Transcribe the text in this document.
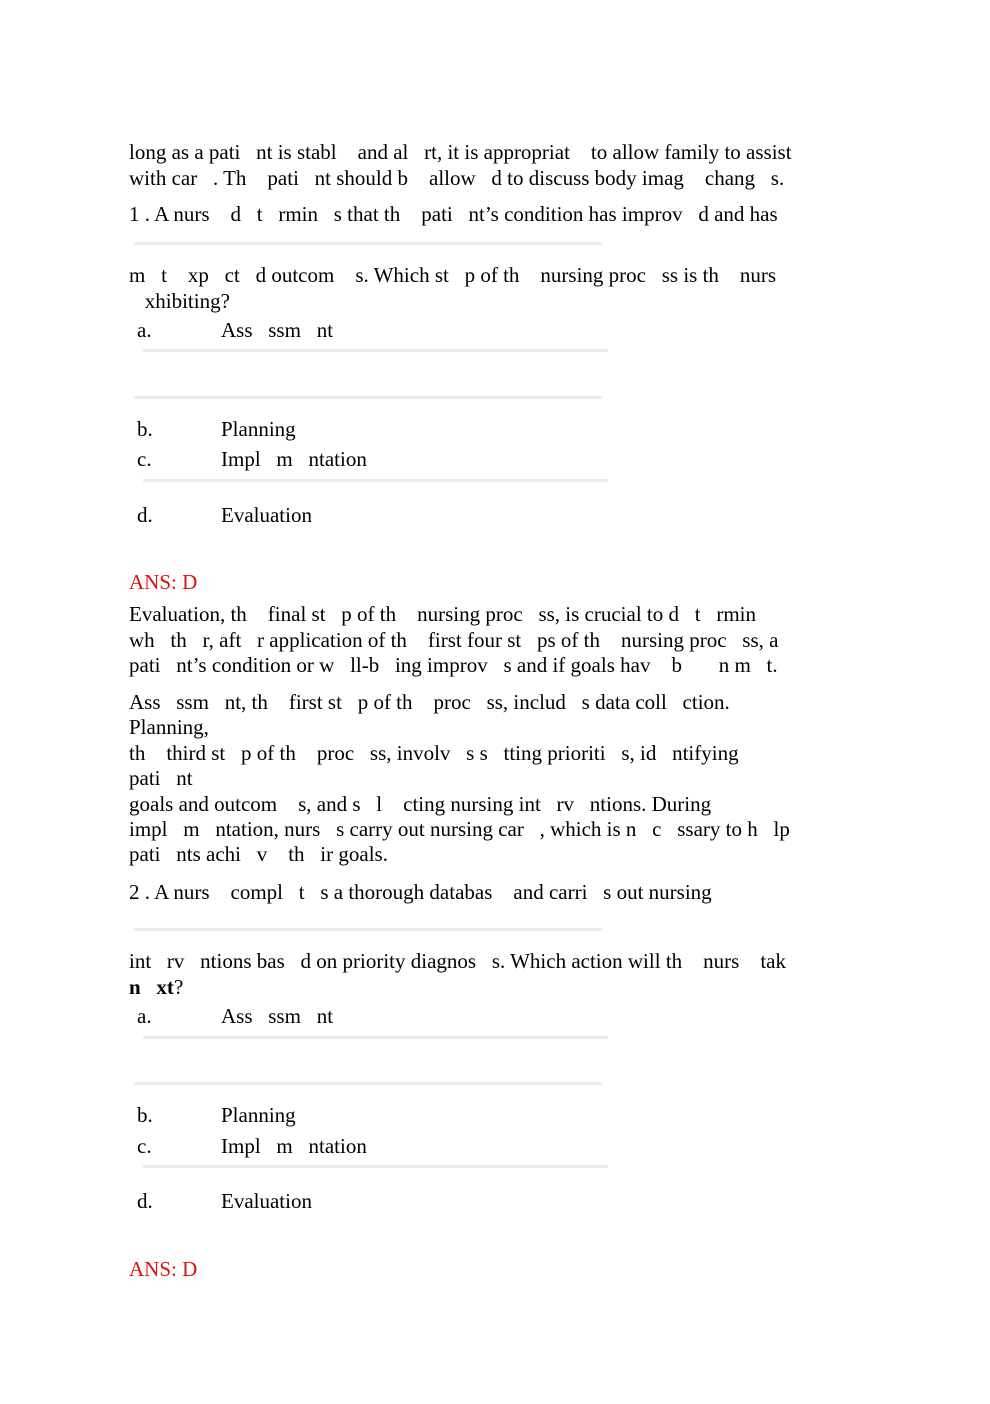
long as a pati   nt is stabl    and al   rt, it is appropriat    to allow family to assist
with car   . Th    pati   nt should b    allow   d to discuss body imag    chang   s.
1 . A nurs    d   t   rmin   s that th    pati   nt’s condition has improv   d and has
m   t    xp   ct   d outcom    s. Which st   p of th    nursing proc   ss is th    nurs
xhibiting?
a.	Ass   ssm   nt
b.	Planning
c.	Impl   m   ntation
d.	Evaluation
ANS: D
Evaluation, th    final st   p of th    nursing proc   ss, is crucial to d   t   rmin
wh   th   r, aft   r application of th    first four st   ps of th    nursing proc   ss, a
pati   nt’s condition or w   ll-b   ing improv   s and if goals hav    b       n m   t.
Ass   ssm   nt, th    first st   p of th    proc   ss, includ   s data coll   ction.
Planning,
th    third st   p of th    proc   ss, involv   s s   tting prioriti   s, id   ntifying
pati   nt
goals and outcom    s, and s   l    cting nursing int   rv   ntions. During
impl   m   ntation, nurs   s carry out nursing car   , which is n   c   ssary to h   lp
pati   nts achi   v    th   ir goals.
2 . A nurs    compl   t   s a thorough databas    and carri   s out nursing
int   rv   ntions bas   d on priority diagnos   s. Which action will th    nurs    tak
n   xt?
a.	Ass   ssm   nt
b.	Planning
c.	Impl   m   ntation
d.	Evaluation
ANS: D
